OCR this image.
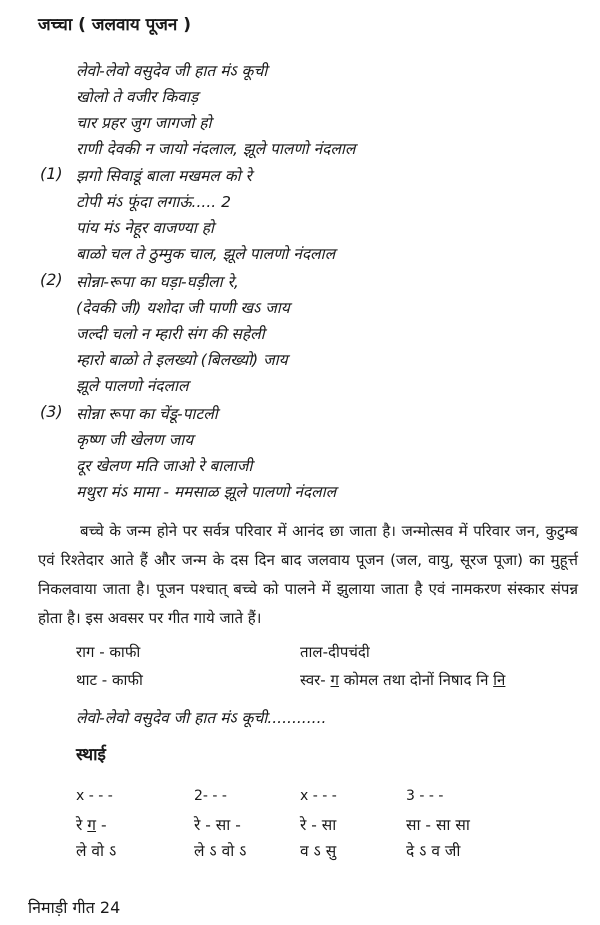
जच्चा ( जलवाय पूजन )
लेवो-लेवो वसुदेव जी हात मंऽ कूची
खोलो ते वजीर किवाड़
चार प्रहर जुग जागजो हो
राणी देवकी न जायो नंदलाल, झूले पालणो नंदलाल
(1) झगो सिवाडूं बाला मखमल को रे
टोपी मंऽ फूंदा लगाऊं..... 2
पांय मंऽ नेहूर वाजण्या हो
बाळो चल ते ठुम्मुक चाल, झूले पालणो नंदलाल
(2) सोन्ना-रूपा का घड़ा-घड़ीला रे,
(देवकी जी) यशोदा जी पाणी खऽ जाय
जल्दी चलो न म्हारी संग की सहेली
म्हारो बाळो ते इलख्यो (बिलख्यो) जाय
झूले पालणो नंदलाल
(3) सोन्ना रूपा का चेंडू-पाटली
कृष्ण जी खेलण जाय
दूर खेलण मति जाओ रे बालाजी
मथुरा मंऽ मामा - ममसाळ झूले पालणो नंदलाल
बच्चे के जन्म होने पर सर्वत्र परिवार में आनंद छा जाता है। जन्मोत्सव में परिवार जन, कुटुम्ब एवं रिश्तेदार आते हैं और जन्म के दस दिन बाद जलवाय पूजन (जल, वायु, सूरज पूजा) का मुहूर्त्त निकलवाया जाता है। पूजन पश्चात् बच्चे को पालने में झुलाया जाता है एवं नामकरण संस्कार संपन्न होता है। इस अवसर पर गीत गाये जाते हैं।
राग - काफी	ताल-दीपचंदी
थाट - काफी	स्वर- ग कोमल तथा दोनों निषाद नि नि
लेवो-लेवो वसुदेव जी हात मंऽ कूची............
स्थाई
x - - -	2- - -	x - - -	3 - - -
रे ग -	रे - सा -	रे - सा	सा - सा सा
ले वो ऽ	ले ऽ वो ऽ	व ऽ सु	दे ऽ व जी
निमाड़ी गीत 24
